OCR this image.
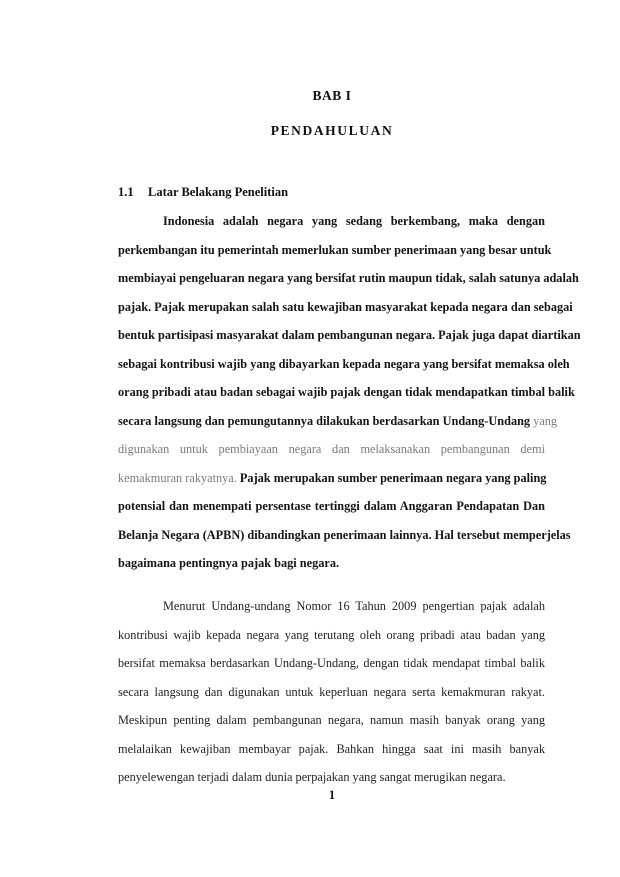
BAB I
PENDAHULUAN
1.1 Latar Belakang Penelitian
Indonesia adalah negara yang sedang berkembang, maka dengan
perkembangan itu pemerintah memerlukan sumber penerimaan yang besar untuk
membiayai pengeluaran negara yang bersifat rutin maupun tidak, salah satunya adalah
pajak. Pajak merupakan salah satu kewajiban masyarakat kepada negara dan sebagai
bentuk partisipasi masyarakat dalam pembangunan negara. Pajak juga dapat diartikan
sebagai kontribusi wajib yang dibayarkan kepada negara yang bersifat memaksa oleh
orang pribadi atau badan sebagai wajib pajak dengan tidak mendapatkan timbal balik
secara langsung dan pemungutannya dilakukan berdasarkan Undang-Undang yang
digunakan untuk pembiayaan negara dan melaksanakan pembangunan demi
kemakmuran rakyatnya. Pajak merupakan sumber penerimaan negara yang paling
potensial dan menempati persentase tertinggi dalam Anggaran Pendapatan Dan
Belanja Negara (APBN) dibandingkan penerimaan lainnya. Hal tersebut memperjelas
bagaimana pentingnya pajak bagi negara.
Menurut Undang-undang Nomor 16 Tahun 2009 pengertian pajak adalah
kontribusi wajib kepada negara yang terutang oleh orang pribadi atau badan yang
bersifat memaksa berdasarkan Undang-Undang, dengan tidak mendapat timbal balik
secara langsung dan digunakan untuk keperluan negara serta kemakmuran rakyat.
Meskipun penting dalam pembangunan negara, namun masih banyak orang yang
melalaikan kewajiban membayar pajak. Bahkan hingga saat ini masih banyak
penyelewengan terjadi dalam dunia perpajakan yang sangat merugikan negara.
1
